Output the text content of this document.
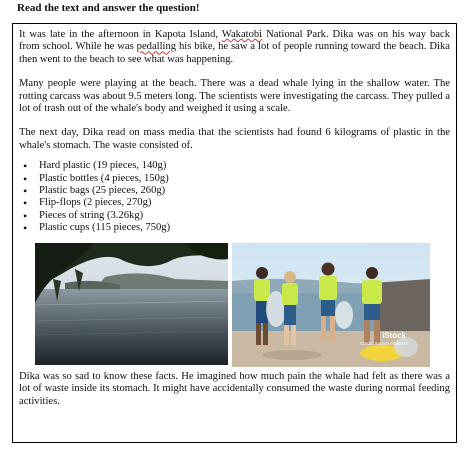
Read the text and answer the question!

It was late in the afternoon in Kapota Island, Wakatobi National Park. Dika was on his way back from school. While he was pedalling his bike, he saw a lot of people running toward the beach. Dika then went to the beach to see what was happening.

Many people were playing at the beach. There was a dead whale lying in the shallow water. The rotting carcass was about 9.5 meters long. The scientists were investigating the carcass. They pulled a lot of trash out of the whale's body and weighed it using a scale.

The next day, Dika read on mass media that the scientists had found 6 kilograms of plastic in the whale's stomach. The waste consisted of.

• Hard plastic (19 pieces, 140g)
• Plastic bottles (4 pieces, 150g)
• Plastic bags (25 pieces, 260g)
• Flip-flops (2 pieces, 270g)
• Pieces of string (3.26kg)
• Plastic cups (115 pieces, 750g)
iStock
Credit: Andrea Migliarini

Dika was so sad to know these facts. He imagined how much pain the whale had felt as there was a lot of waste inside its stomach. It might have accidentally consumed the waste during normal feeding activities.
